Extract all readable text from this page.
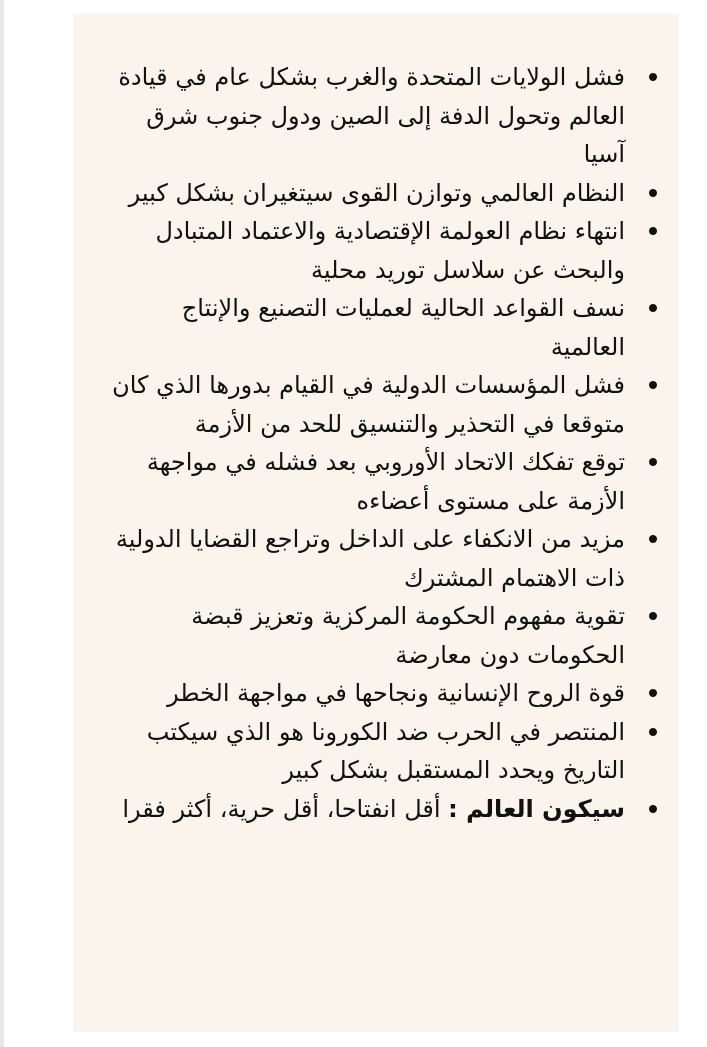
فشل الولايات المتحدة والغرب بشكل عام في قيادة العالم وتحول الدفة إلى الصين ودول جنوب شرق آسيا
النظام العالمي وتوازن القوى سيتغيران بشكل كبير
انتهاء نظام العولمة الإقتصادية والاعتماد المتبادل والبحث عن سلاسل توريد محلية
نسف القواعد الحالية لعمليات التصنيع والإنتاج العالمية
فشل المؤسسات الدولية في القيام بدورها الذي كان متوقعا في التحذير والتنسيق للحد من الأزمة
توقع تفكك الاتحاد الأوروبي بعد فشله في مواجهة الأزمة على مستوى أعضاءه
مزيد من الانكفاء على الداخل وتراجع القضايا الدولية ذات الاهتمام المشترك
تقوية مفهوم الحكومة المركزية وتعزيز قبضة الحكومات دون معارضة
قوة الروح الإنسانية ونجاحها في مواجهة الخطر
المنتصر في الحرب ضد الكورونا هو الذي سيكتب التاريخ ويحدد المستقبل بشكل كبير
سيكون العالم : أقل انفتاحا، أقل حرية، أكثر فقرا
